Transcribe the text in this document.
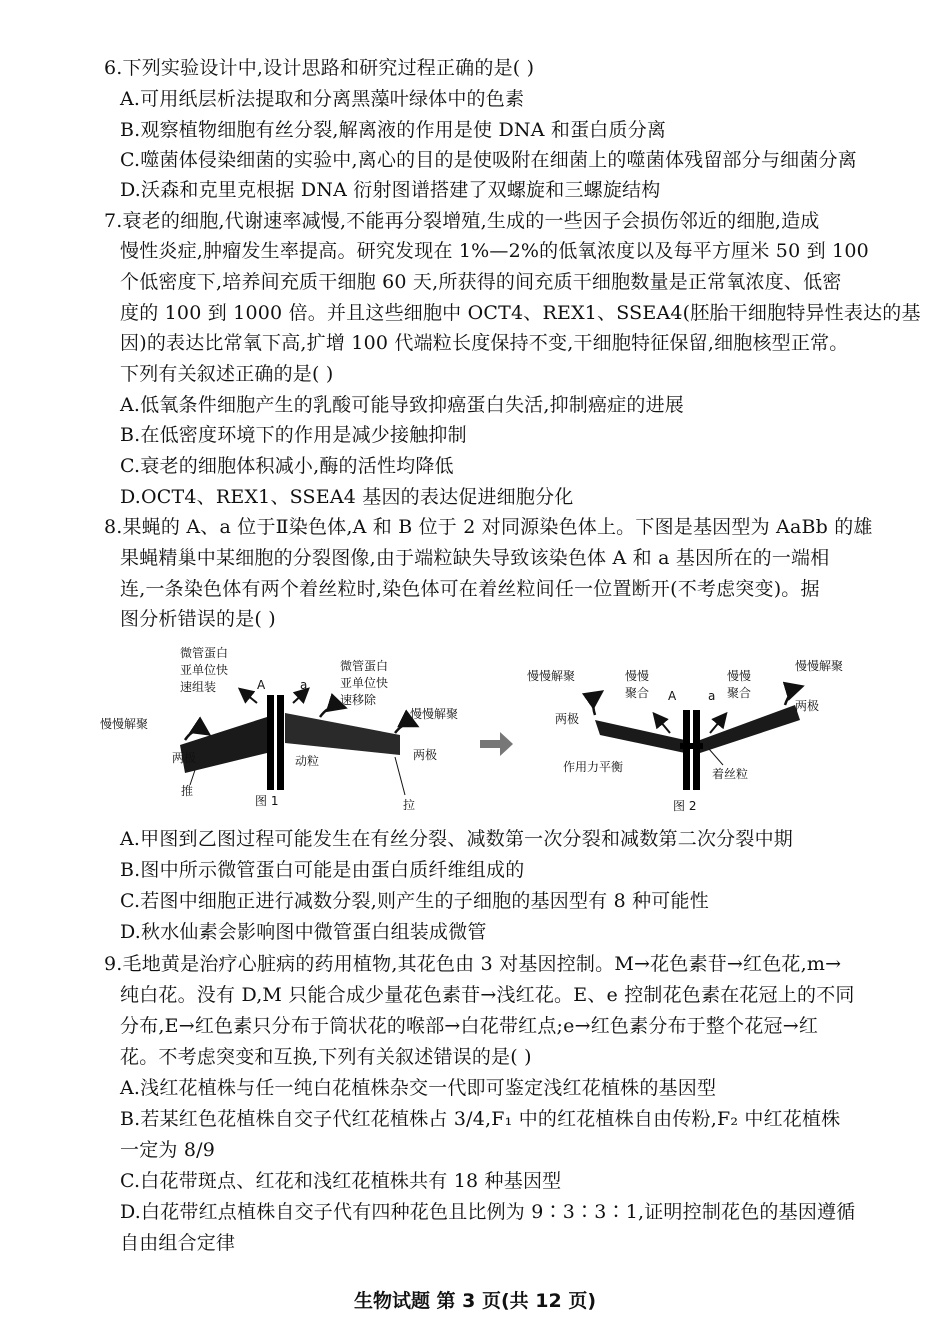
6.下列实验设计中,设计思路和研究过程正确的是( )
A.可用纸层析法提取和分离黑藻叶绿体中的色素
B.观察植物细胞有丝分裂,解离液的作用是使 DNA 和蛋白质分离
C.噬菌体侵染细菌的实验中,离心的目的是使吸附在细菌上的噬菌体残留部分与细菌分离
D.沃森和克里克根据 DNA 衍射图谱搭建了双螺旋和三螺旋结构
7.衰老的细胞,代谢速率减慢,不能再分裂增殖,生成的一些因子会损伤邻近的细胞,造成
慢性炎症,肿瘤发生率提高。研究发现在 1%—2%的低氧浓度以及每平方厘米 50 到 100
个低密度下,培养间充质干细胞 60 天,所获得的间充质干细胞数量是正常氧浓度、低密
度的 100 到 1000 倍。并且这些细胞中 OCT4、REX1、SSEA4(胚胎干细胞特异性表达的基
因)的表达比常氧下高,扩增 100 代端粒长度保持不变,干细胞特征保留,细胞核型正常。
下列有关叙述正确的是( )
A.低氧条件细胞产生的乳酸可能导致抑癌蛋白失活,抑制癌症的进展
B.在低密度环境下的作用是减少接触抑制
C.衰老的细胞体积减小,酶的活性均降低
D.OCT4、REX1、SSEA4 基因的表达促进细胞分化
8.果蝇的 A、a 位于Ⅱ染色体,A 和 B 位于 2 对同源染色体上。下图是基因型为 AaBb 的雄
果蝇精巢中某细胞的分裂图像,由于端粒缺失导致该染色体 A 和 a 基因所在的一端相
连,一条染色体有两个着丝粒时,染色体可在着丝粒间任一位置断开(不考虑突变)。据
图分析错误的是( )
微管蛋白
亚单位快
速组装
微管蛋白
亚单位快
速移除
慢慢解聚
慢慢解聚
两极	两极
推
拉
动粒
A	a
图 1
慢慢解聚
慢慢解聚
慢慢
聚合
慢慢
聚合
两极
两极
作用力平衡	着丝粒
A	a
图 2
A.甲图到乙图过程可能发生在有丝分裂、减数第一次分裂和减数第二次分裂中期
B.图中所示微管蛋白可能是由蛋白质纤维组成的
C.若图中细胞正进行减数分裂,则产生的子细胞的基因型有 8 种可能性
D.秋水仙素会影响图中微管蛋白组装成微管
9.毛地黄是治疗心脏病的药用植物,其花色由 3 对基因控制。M→花色素苷→红色花,m→
纯白花。没有 D,M 只能合成少量花色素苷→浅红花。E、e 控制花色素在花冠上的不同
分布,E→红色素只分布于筒状花的喉部→白花带红点;e→红色素分布于整个花冠→红
花。不考虑突变和互换,下列有关叙述错误的是( )
A.浅红花植株与任一纯白花植株杂交一代即可鉴定浅红花植株的基因型
B.若某红色花植株自交子代红花植株占 3/4,F₁ 中的红花植株自由传粉,F₂ 中红花植株
一定为 8/9
C.白花带斑点、红花和浅红花植株共有 18 种基因型
D.白花带红点植株自交子代有四种花色且比例为 9∶3∶3∶1,证明控制花色的基因遵循
自由组合定律
生物试题 第 3 页(共 12 页)
